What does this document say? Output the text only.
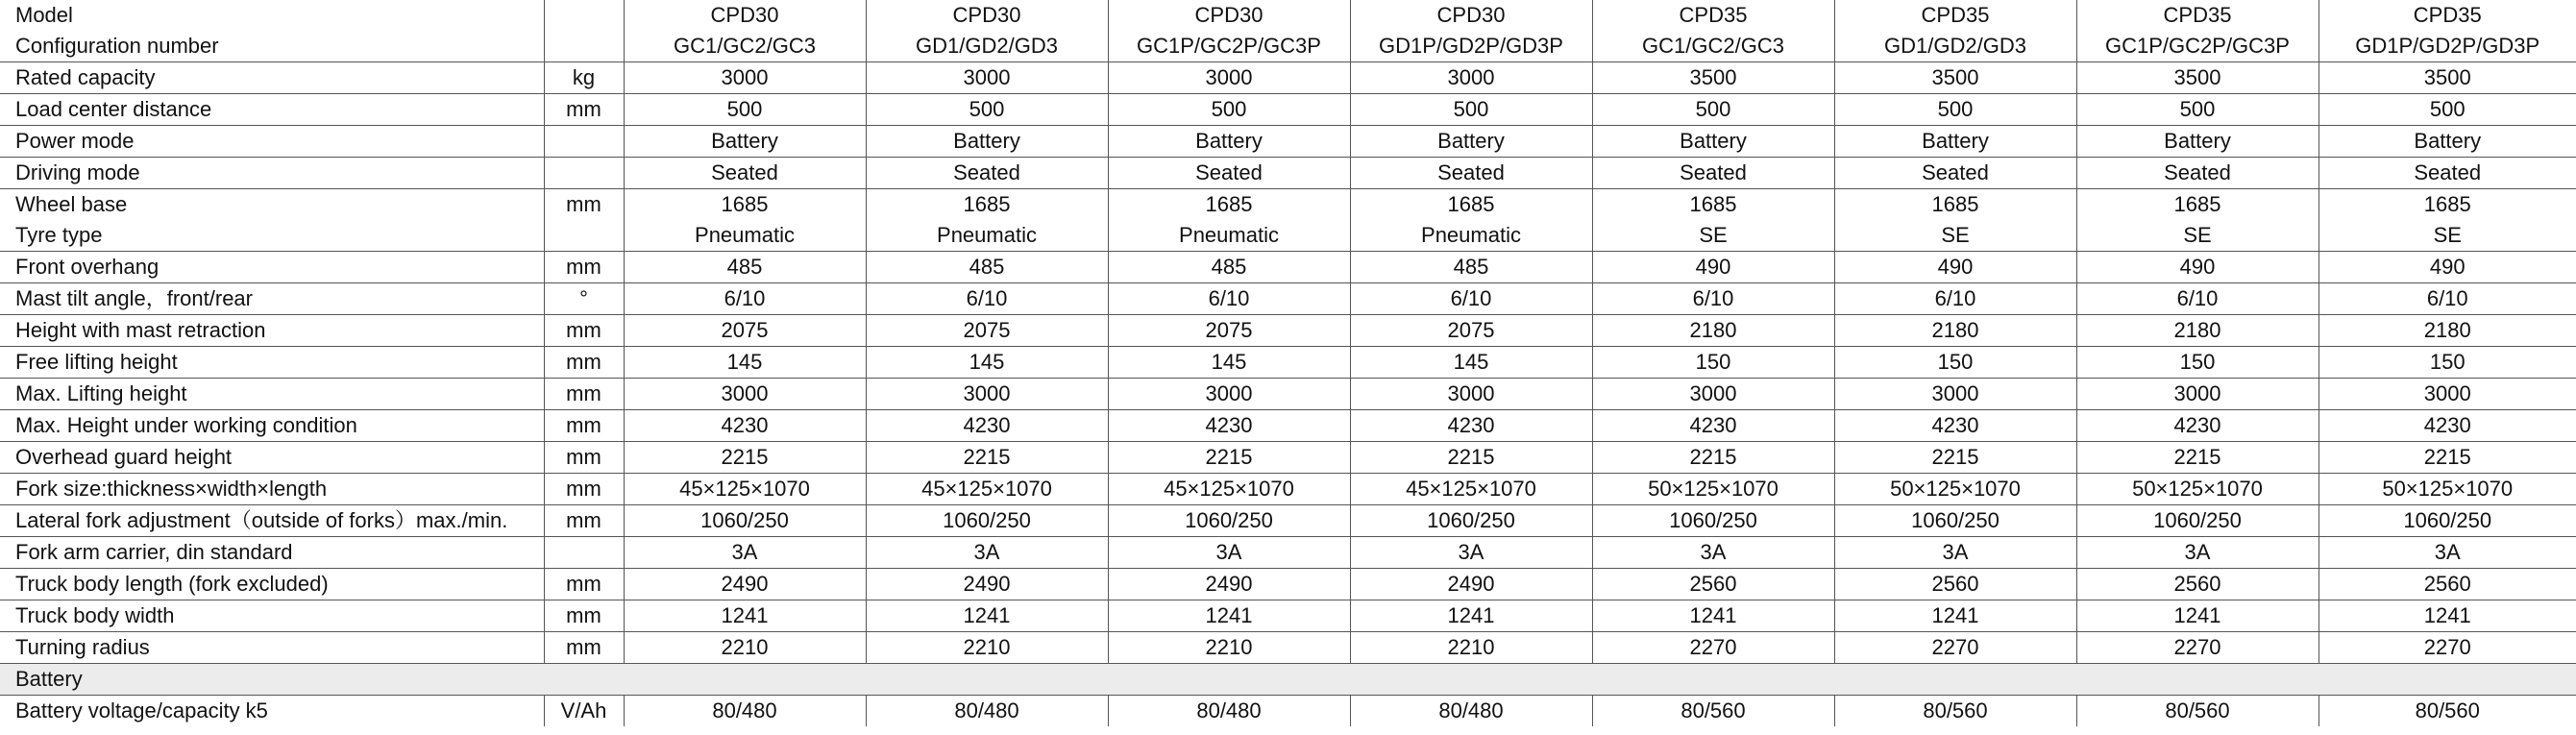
Model		CPD30	CPD30	CPD30	CPD30	CPD35	CPD35	CPD35	CPD35
Configuration number		GC1/GC2/GC3	GD1/GD2/GD3	GC1P/GC2P/GC3P	GD1P/GD2P/GD3P	GC1/GC2/GC3	GD1/GD2/GD3	GC1P/GC2P/GC3P	GD1P/GD2P/GD3P
Rated capacity	kg	3000	3000	3000	3000	3500	3500	3500	3500
Load center distance	mm	500	500	500	500	500	500	500	500
Power mode		Battery	Battery	Battery	Battery	Battery	Battery	Battery	Battery
Driving mode		Seated	Seated	Seated	Seated	Seated	Seated	Seated	Seated
Wheel base	mm	1685	1685	1685	1685	1685	1685	1685	1685
Tyre type		Pneumatic	Pneumatic	Pneumatic	Pneumatic	SE	SE	SE	SE
Front overhang	mm	485	485	485	485	490	490	490	490
Mast tilt angle，front/rear	°	6/10	6/10	6/10	6/10	6/10	6/10	6/10	6/10
Height with mast retraction	mm	2075	2075	2075	2075	2180	2180	2180	2180
Free lifting height	mm	145	145	145	145	150	150	150	150
Max. Lifting height	mm	3000	3000	3000	3000	3000	3000	3000	3000
Max. Height under working condition	mm	4230	4230	4230	4230	4230	4230	4230	4230
Overhead guard height	mm	2215	2215	2215	2215	2215	2215	2215	2215
Fork size:thickness×width×length	mm	45×125×1070	45×125×1070	45×125×1070	45×125×1070	50×125×1070	50×125×1070	50×125×1070	50×125×1070
Lateral fork adjustment（outside of forks）max./min.	mm	1060/250	1060/250	1060/250	1060/250	1060/250	1060/250	1060/250	1060/250
Fork arm carrier, din standard		3A	3A	3A	3A	3A	3A	3A	3A
Truck body length (fork excluded)	mm	2490	2490	2490	2490	2560	2560	2560	2560
Truck body width	mm	1241	1241	1241	1241	1241	1241	1241	1241
Turning radius	mm	2210	2210	2210	2210	2270	2270	2270	2270
Battery									
Battery voltage/capacity k5	V/Ah	80/480	80/480	80/480	80/480	80/560	80/560	80/560	80/560
